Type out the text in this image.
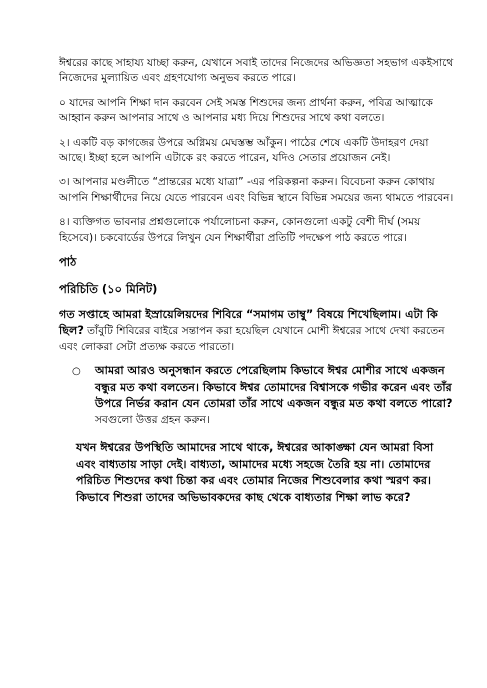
ঈশ্বরের কাছে সাহায্য যাচ্ছা করুন, যেখানে সবাই তাদের নিজেদের অভিজ্ঞতা সহভাগ একইসাথে নিজেদের মুল্যায়িত এবং গ্রহণযোগ্য অনুভব করতে পারে।

০ যাদের আপনি শিক্ষা দান করবেন সেই সমস্ত শিশুদের জন্য প্রার্থনা করুন, পবিত্র আত্মাকে আহ্বান করুন আপনার সাথে ও আপনার মধ্য দিয়ে শিশুদের সাথে কথা বলতে।

২। একটি বড় কাগজের উপরে অগ্নিময় মেঘস্তম্ভ আঁকুন। পাঠের শেষে একটি উদাহরণ দেয়া আছে। ইচ্ছা হলে আপনি এটাকে রং করতে পারেন, যদিও সেতার প্রয়োজন নেই।

৩। আপনার মণ্ডলীতে “প্রান্তরের মধ্যে যাত্রা” -এর পরিকল্পনা করুন। বিবেচনা করুন কোথায় আপনি শিক্ষার্থীদের নিয়ে যেতে পারবেন এবং বিভিন্ন স্থানে বিভিন্ন সময়ের জন্য থামতে পারবেন।

৪। ব্যক্তিগত ভাবনার প্রশ্নগুলোকে পর্যালোচনা করুন, কোনগুলো একটু বেশী দীর্ঘ (সময় হিসেবে)। চকবোর্ডের উপরে লিখুন যেন শিক্ষার্থীরা প্রতিটি পদক্ষেপ পাঠ করতে পারে।

পাঠ

পরিচিতি (১০ মিনিট)

গত সপ্তাহে আমরা ইস্রায়েলিয়দের শিবিরে “সমাগম তাম্বু” বিষয়ে শিখেছিলাম। এটা কি ছিল? তাঁবুটি শিবিরের বাইরে সন্তাপন করা হয়েছিল যেখানে মোশী ঈশ্বরের সাথে দেখা করতেন এবং লোকরা সেটা প্রত্যক্ষ করতে পারতো।

○ আমরা আরও অনুসন্ধান করতে পেরেছিলাম কিভাবে ঈশ্বর মোশীর সাথে একজন বন্ধুর মত কথা বলতেন। কিভাবে ঈশ্বর তোমাদের বিশ্বাসকে গভীর করেন এবং তাঁর উপরে নির্ভর করান যেন তোমরা তাঁর সাথে একজন বন্ধুর মত কথা বলতে পারো?
সবগুলো উত্তর গ্রহন করুন।

যখন ঈশ্বরের উপস্থিতি আমাদের সাথে থাকে, ঈশ্বরের আকাঙ্ক্ষা যেন আমরা বিসা এবং বাধ্যতায় সাড়া দেই। বাধ্যতা, আমাদের মধ্যে সহজে তৈরি হয় না। তোমাদের পরিচিত শিশুদের কথা চিন্তা কর এবং তোমার নিজের শিশুবেলার কথা স্মরণ কর। কিভাবে শিশুরা তাদের অভিভাবকদের কাছ থেকে বাধ্যতার শিক্ষা লাভ করে?
